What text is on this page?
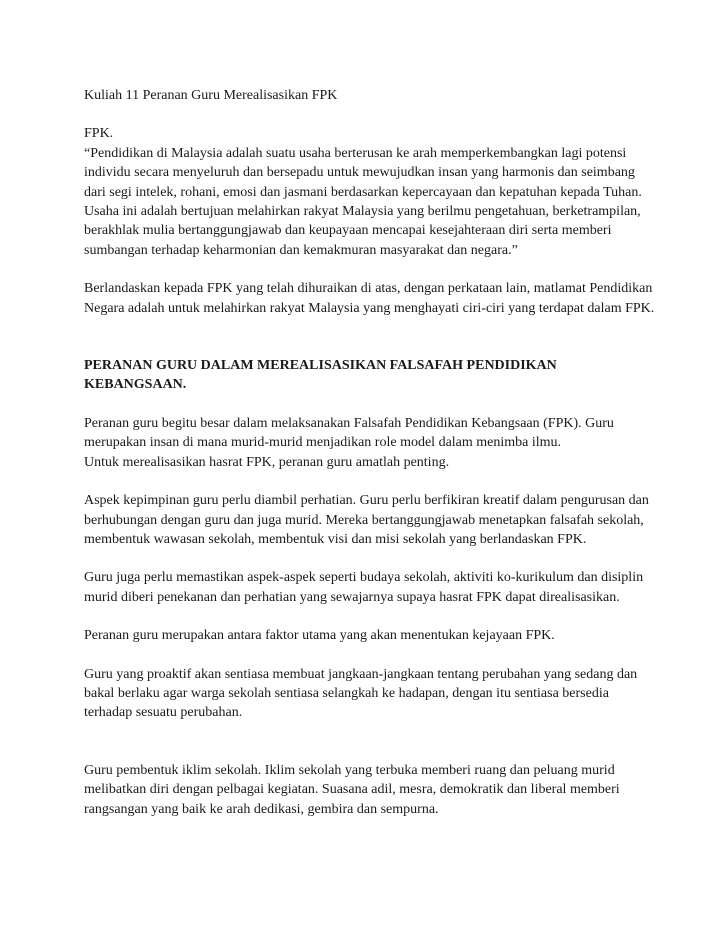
Kuliah 11 Peranan Guru Merealisasikan FPK

FPK.

“Pendidikan di Malaysia adalah suatu usaha berterusan ke arah memperkembangkan lagi potensi individu secara menyeluruh dan bersepadu untuk mewujudkan insan yang harmonis dan seimbang dari segi intelek, rohani, emosi dan jasmani berdasarkan kepercayaan dan kepatuhan kepada Tuhan. Usaha ini adalah bertujuan melahirkan rakyat Malaysia yang berilmu pengetahuan, berketrampilan, berakhlak mulia bertanggungjawab dan keupayaan mencapai kesejahteraan diri serta memberi sumbangan terhadap keharmonian dan kemakmuran masyarakat dan negara.”

Berlandaskan kepada FPK yang telah dihuraikan di atas, dengan perkataan lain, matlamat Pendidikan Negara adalah untuk melahirkan rakyat Malaysia yang menghayati ciri-ciri yang terdapat dalam FPK.

PERANAN GURU DALAM MEREALISASIKAN FALSAFAH PENDIDIKAN KEBANGSAAN.

Peranan guru begitu besar dalam melaksanakan Falsafah Pendidikan Kebangsaan (FPK). Guru merupakan insan di mana murid-murid menjadikan role model dalam menimba ilmu.

Untuk merealisasikan hasrat FPK, peranan guru amatlah penting.

Aspek kepimpinan guru perlu diambil perhatian. Guru perlu berfikiran kreatif dalam pengurusan dan berhubungan dengan guru dan juga murid. Mereka bertanggungjawab menetapkan falsafah sekolah, membentuk wawasan sekolah, membentuk visi dan misi sekolah yang berlandaskan FPK.

Guru juga perlu memastikan aspek-aspek seperti budaya sekolah, aktiviti ko-kurikulum dan disiplin murid diberi penekanan dan perhatian yang sewajarnya supaya hasrat FPK dapat direalisasikan.

Peranan guru merupakan antara faktor utama yang akan menentukan kejayaan FPK.

Guru yang proaktif akan sentiasa membuat jangkaan-jangkaan tentang perubahan yang sedang dan bakal berlaku agar warga sekolah sentiasa selangkah ke hadapan, dengan itu sentiasa bersedia terhadap sesuatu perubahan.

Guru pembentuk iklim sekolah. Iklim sekolah yang terbuka memberi ruang dan peluang murid melibatkan diri dengan pelbagai kegiatan. Suasana adil, mesra, demokratik dan liberal memberi rangsangan yang baik ke arah dedikasi, gembira dan sempurna.
